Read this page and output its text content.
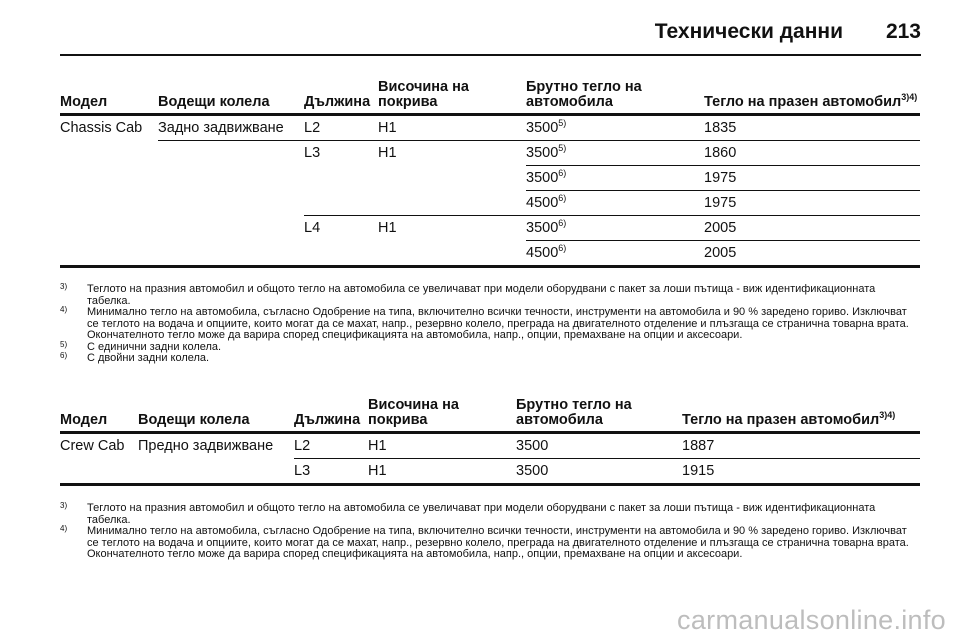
Технически данни 213
Модел	Водещи колела	Дължина	Височина на покрива	Брутно тегло на автомобила	Тегло на празен автомобил$^{3)4)}$
Chassis Cab	Задно задвижване	L2	H1	3500$^{5)}$	1835
		L3	H1	3500$^{5)}$	1860
				3500$^{6)}$	1975
				4500$^{6)}$	1975
		L4	H1	3500$^{6)}$	2005
				4500$^{6)}$	2005
3) Теглото на празния автомобил и общото тегло на автомобила се увеличават при модели оборудвани с пакет за лоши пътища - виж идентификационната табелка.
4) Минимално тегло на автомобила, съгласно Одобрение на типа, включително всички течности, инструменти на автомобила и 90 % заредено гориво. Изключват се теглото на водача и опциите, които могат да се махат, напр., резервно колело, преграда на двигателното отделение и плъзгаща се странична товарна врата. Окончателното тегло може да варира според спецификацията на автомобила, напр., опции, премахване на опции и аксесоари.
5) С единични задни колела.
6) С двойни задни колела.
Модел	Водещи колела	Дължина	Височина на покрива	Брутно тегло на автомобила	Тегло на празен автомобил$^{3)4)}$
Crew Cab	Предно задвижване	L2	H1	3500	1887
		L3	H1	3500	1915
3) Теглото на празния автомобил и общото тегло на автомобила се увеличават при модели оборудвани с пакет за лоши пътища - виж идентификационната табелка.
4) Минимално тегло на автомобила, съгласно Одобрение на типа, включително всички течности, инструменти на автомобила и 90 % заредено гориво. Изключват се теглото на водача и опциите, които могат да се махат, напр., резервно колело, преграда на двигателното отделение и плъзгаща се странична товарна врата. Окончателното тегло може да варира според спецификацията на автомобила, напр., опции, премахване на опции и аксесоари.
carmanualsonline.info
